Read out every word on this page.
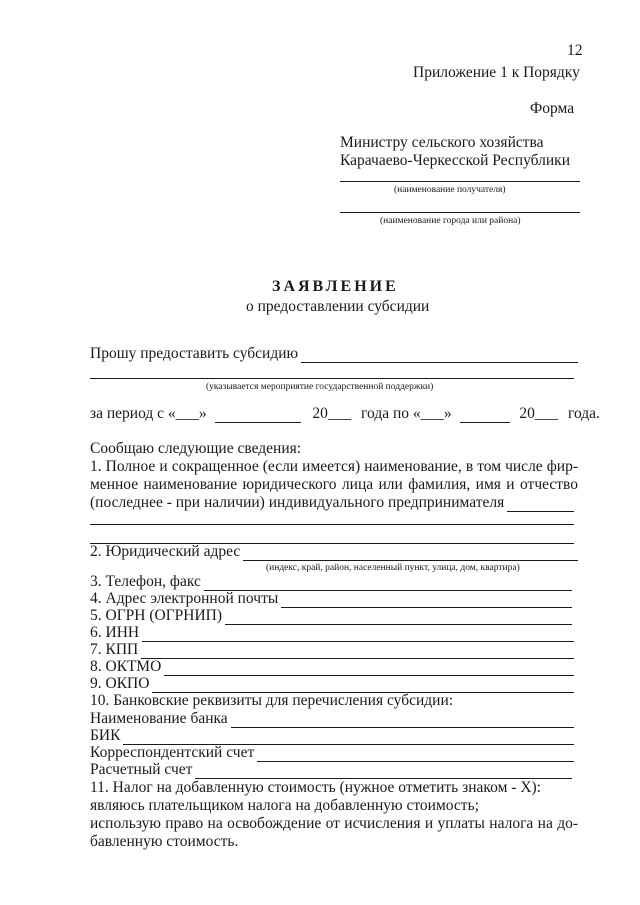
12
Приложение 1 к Порядку
Форма
Министру сельского хозяйства
Карачаево-Черкесской Республики
(наименование получателя)
(наименование города или района)
ЗАЯВЛЕНИЕ
о предоставлении субсидии
Прошу предоставить субсидию
(указывается мероприятие государственной поддержки)
за период с «___»	20___ года по «___»	20___ года.
Сообщаю следующие сведения:
1. Полное и сокращенное (если имеется) наименование, в том числе фир-
менное наименование юридического лица или фамилия, имя и отчество
(последнее - при наличии) индивидуального предпринимателя
2. Юридический адрес
(индекс, край, район, населенный пункт, улица, дом, квартира)
3. Телефон, факс
4. Адрес электронной почты
5. ОГРН (ОГРНИП)
6. ИНН
7. КПП
8. ОКТМО
9. ОКПО
10. Банковские реквизиты для перечисления субсидии:
Наименование банка
БИК
Корреспондентский счет
Расчетный счет
11. Налог на добавленную стоимость (нужное отметить знаком - X):
являюсь плательщиком налога на добавленную стоимость;
использую право на освобождение от исчисления и уплаты налога на до-
бавленную стоимость.
